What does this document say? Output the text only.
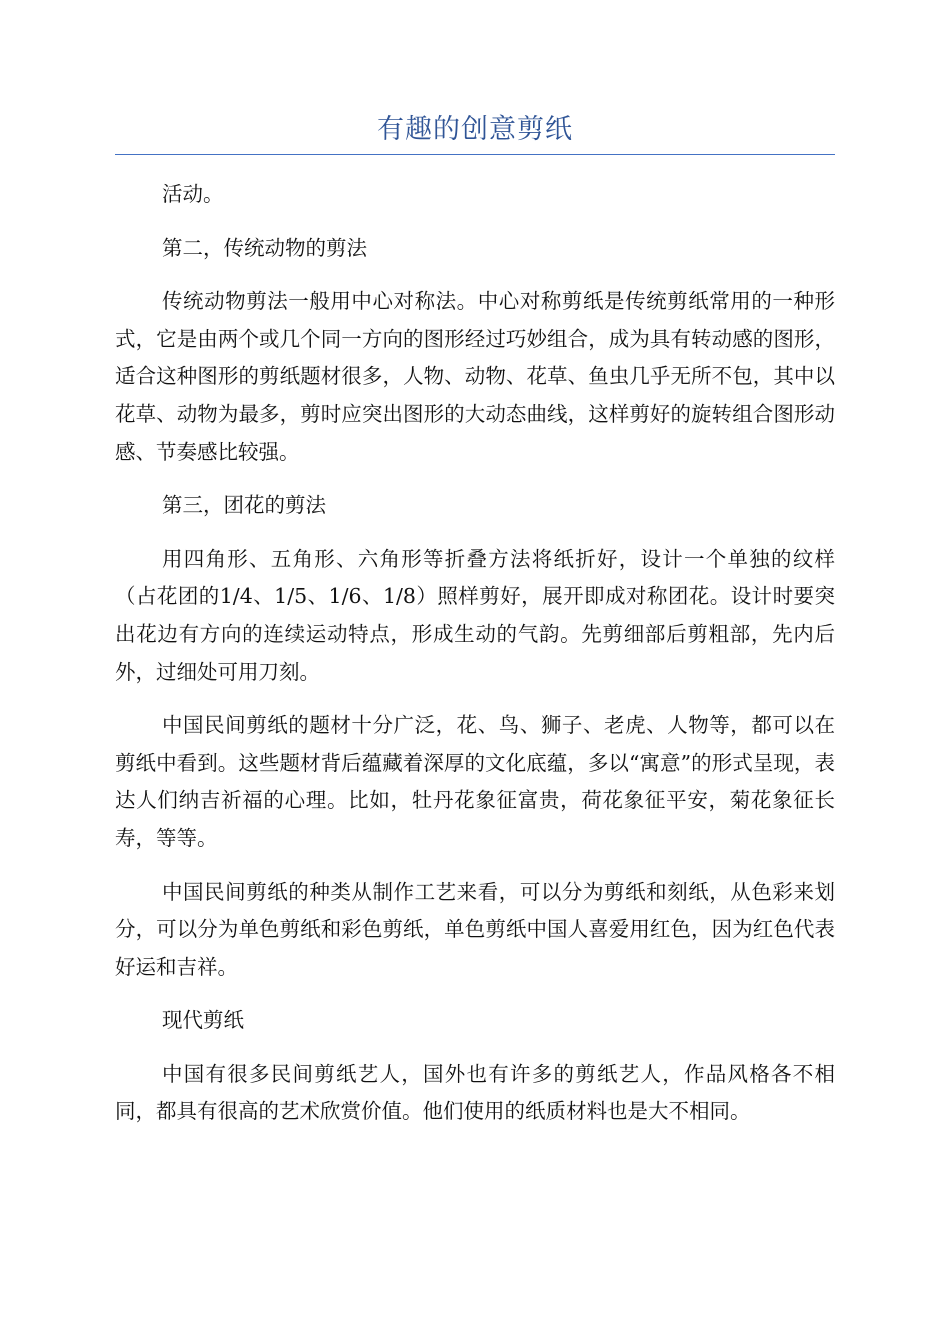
有趣的创意剪纸

活动。

第二，传统动物的剪法

传统动物剪法一般用中心对称法。中心对称剪纸是传统剪纸常用的一种形式，它是由两个或几个同一方向的图形经过巧妙组合，成为具有转动感的图形，适合这种图形的剪纸题材很多，人物、动物、花草、鱼虫几乎无所不包，其中以花草、动物为最多，剪时应突出图形的大动态曲线，这样剪好的旋转组合图形动感、节奏感比较强。

第三，团花的剪法

用四角形、五角形、六角形等折叠方法将纸折好，设计一个单独的纹样（占花团的1/4、1/5、1/6、1/8）照样剪好，展开即成对称团花。设计时要突出花边有方向的连续运动特点，形成生动的气韵。先剪细部后剪粗部，先内后外，过细处可用刀刻。

中国民间剪纸的题材十分广泛，花、鸟、狮子、老虎、人物等，都可以在剪纸中看到。这些题材背后蕴藏着深厚的文化底蕴，多以“寓意”的形式呈现，表达人们纳吉祈福的心理。比如，牡丹花象征富贵，荷花象征平安，菊花象征长寿，等等。

中国民间剪纸的种类从制作工艺来看，可以分为剪纸和刻纸，从色彩来划分，可以分为单色剪纸和彩色剪纸，单色剪纸中国人喜爱用红色，因为红色代表好运和吉祥。

现代剪纸

中国有很多民间剪纸艺人，国外也有许多的剪纸艺人，作品风格各不相同，都具有很高的艺术欣赏价值。他们使用的纸质材料也是大不相同。
